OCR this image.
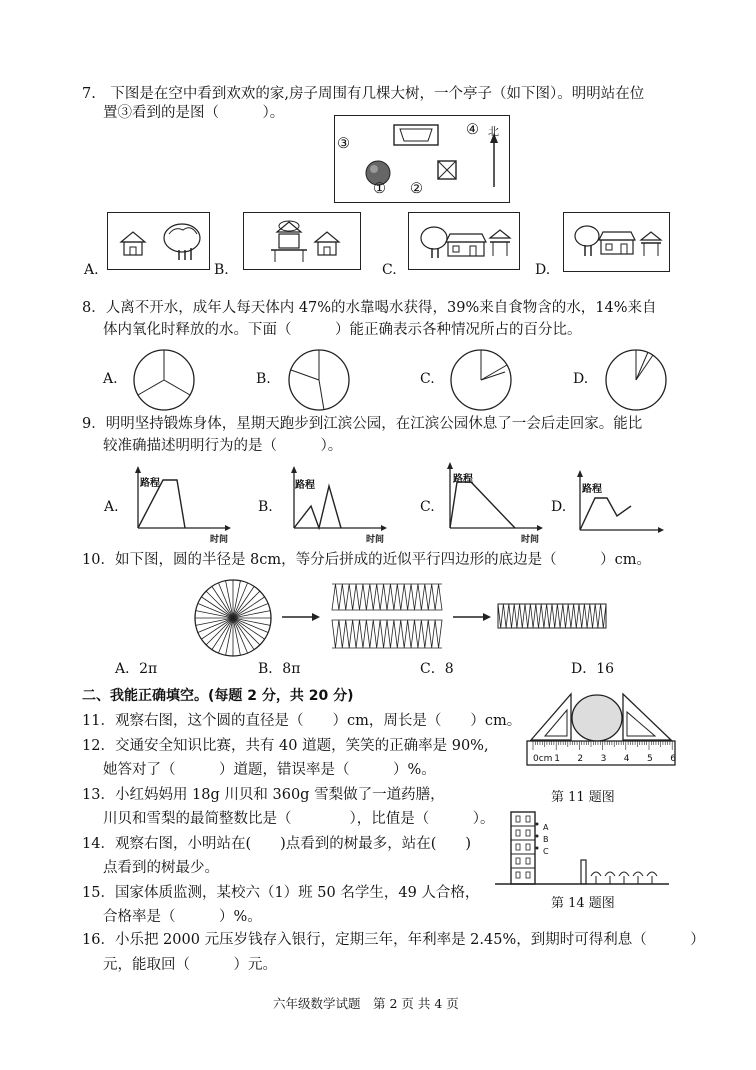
7.　下图是在空中看到欢欢的家,房子周围有几棵大树，一个亭子（如下图）。明明站在位
置③看到的是图（　　　）。
③
① ②
④ 北
A.	B.	C.	D.
8．人离不开水，成年人每天体内 47%的水靠喝水获得，39%来自食物含的水，14%来自
体内氧化时释放的水。下面（　　　）能正确表示各种情况所占的百分比。
A.	B.	C.	D.
9．明明坚持锻炼身体，星期天跑步到江滨公园，在江滨公园休息了一会后走回家。能比
较准确描述明明行为的是（　　　）。
路程
时间
A.
路程
时间
B.
路程
时间
C.
路程
D.
10．如下图，圆的半径是 8cm，等分后拼成的近似平行四边形的底边是（　　　）cm。
A．2π	B．8π	C．8	D．16
二、我能正确填空。(每题 2 分，共 20 分)
11．观察右图，这个圆的直径是（　　）cm，周长是（　　）cm。
12．交通安全知识比赛，共有 40 道题，笑笑的正确率是 90%,
她答对了（　　　）道题，错误率是（　　　）%。
13．小红妈妈用 18g 川贝和 360g 雪梨做了一道药膳，
川贝和雪梨的最简整数比是（　　　　），比值是（　　　）。
14．观察右图，小明站在(　　)点看到的树最多，站在(　　)
点看到的树最少。
15．国家体质监测，某校六（1）班 50 名学生，49 人合格，
合格率是（　　　）%。
16．小乐把 2000 元压岁钱存入银行，定期三年，年利率是 2.45%，到期时可得利息（　　　）
元，能取回（　　　）元。
0cm 1 2 3 4 5 6
第 11 题图
A
B
C
第 14 题图
六年级数学试题　第 2 页 共 4 页
